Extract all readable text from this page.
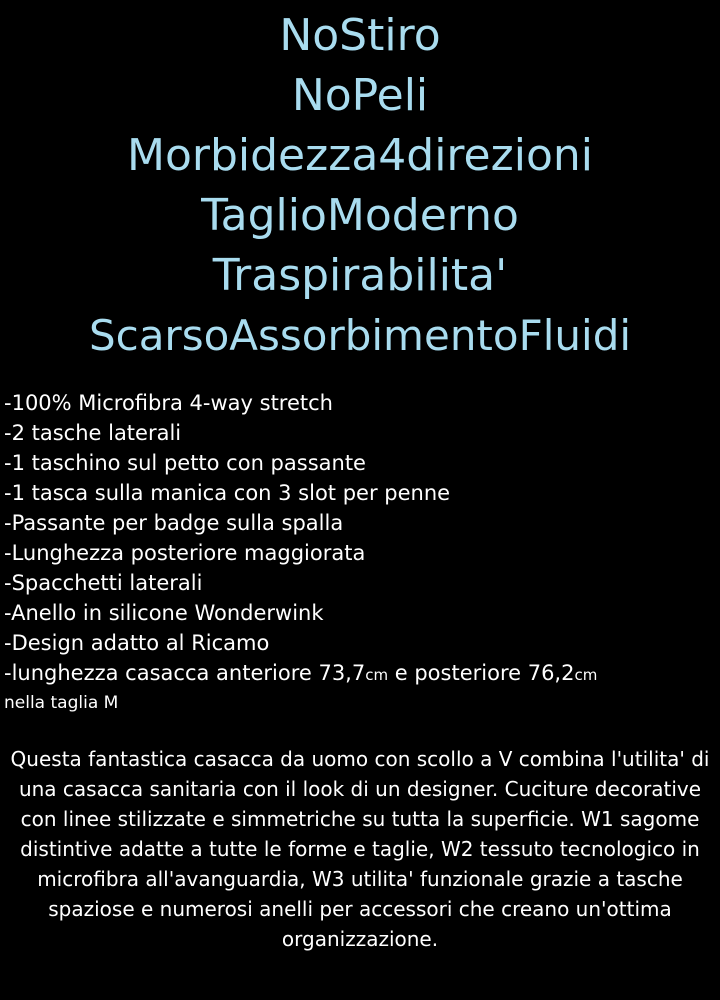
NoStiro
NoPeli
Morbidezza4direzioni
TaglioModerno
Traspirabilita'
ScarsoAssorbimentoFluidi
-100% Microfibra 4-way stretch
-2 tasche laterali
-1 taschino sul petto con passante
-1 tasca sulla manica con 3 slot per penne
-Passante per badge sulla spalla
-Lunghezza posteriore maggiorata
-Spacchetti laterali
-Anello in silicone Wonderwink
-Design adatto al Ricamo
-lunghezza casacca anteriore 73,7cm e posteriore 76,2cm
nella taglia M
Questa fantastica casacca da uomo con scollo a V combina l'utilita' di una casacca sanitaria con il look di un designer. Cuciture decorative con linee stilizzate e simmetriche su tutta la superficie. W1 sagome distintive adatte a tutte le forme e taglie, W2 tessuto tecnologico in microfibra all'avanguardia, W3 utilita' funzionale grazie a tasche spaziose e numerosi anelli per accessori che creano un'ottima organizzazione.
